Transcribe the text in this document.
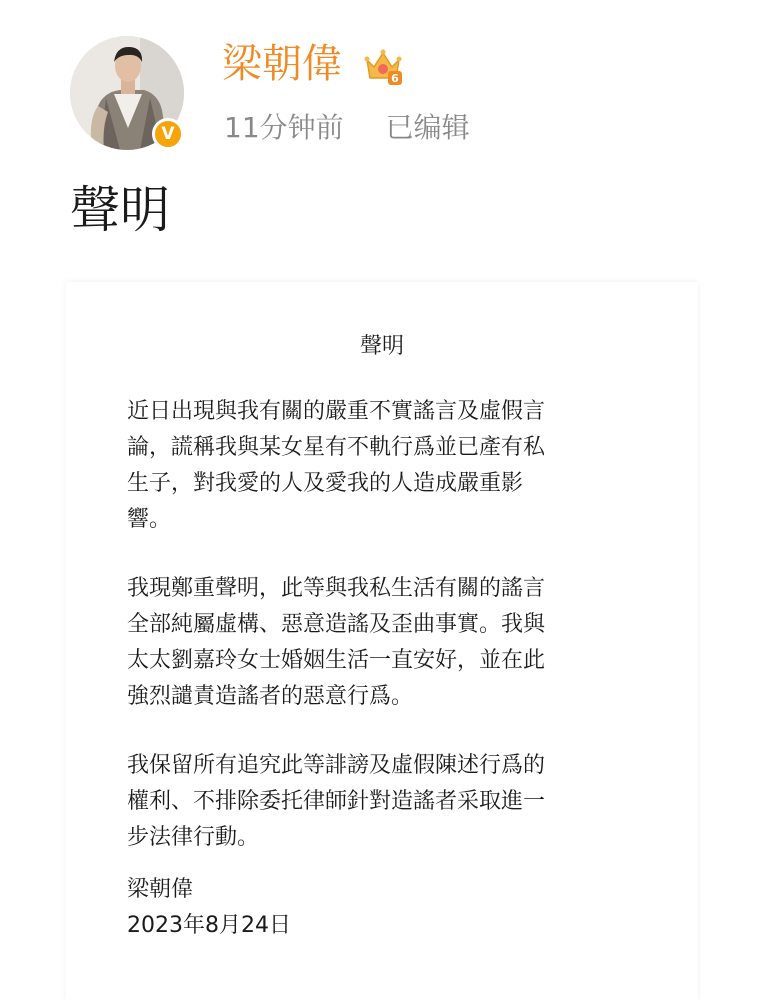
V
梁朝偉	6
11分钟前 已编辑
聲明
聲明

近日出現與我有關的嚴重不實謠言及虛假言
論，謊稱我與某女星有不軌行爲並已產有私
生子，對我愛的人及愛我的人造成嚴重影
響。

我現鄭重聲明，此等與我私生活有關的謠言
全部純屬虛構、惡意造謠及歪曲事實。我與
太太劉嘉玲女士婚姻生活一直安好，並在此
強烈譴責造謠者的惡意行爲。

我保留所有追究此等誹謗及虛假陳述行爲的
權利、不排除委托律師針對造謠者采取進一
步法律行動。

梁朝偉
2023年8月24日
